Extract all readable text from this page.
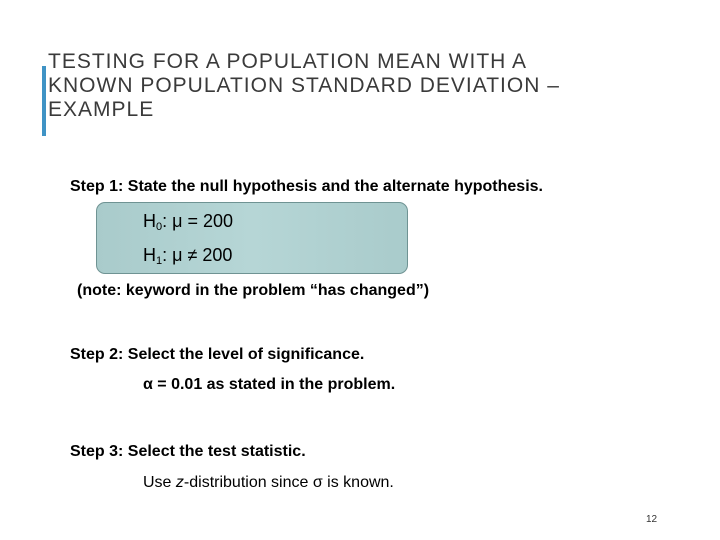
TESTING FOR A POPULATION MEAN WITH A
KNOWN POPULATION STANDARD DEVIATION –
EXAMPLE
Step 1: State the null hypothesis and the alternate hypothesis.
$H_0$: μ = 200
$H_1$: μ ≠ 200
(note: keyword in the problem “has changed”)
Step 2: Select the level of significance.
α = 0.01 as stated in the problem.
Step 3: Select the test statistic.
Use z-distribution since σ is known.
12
